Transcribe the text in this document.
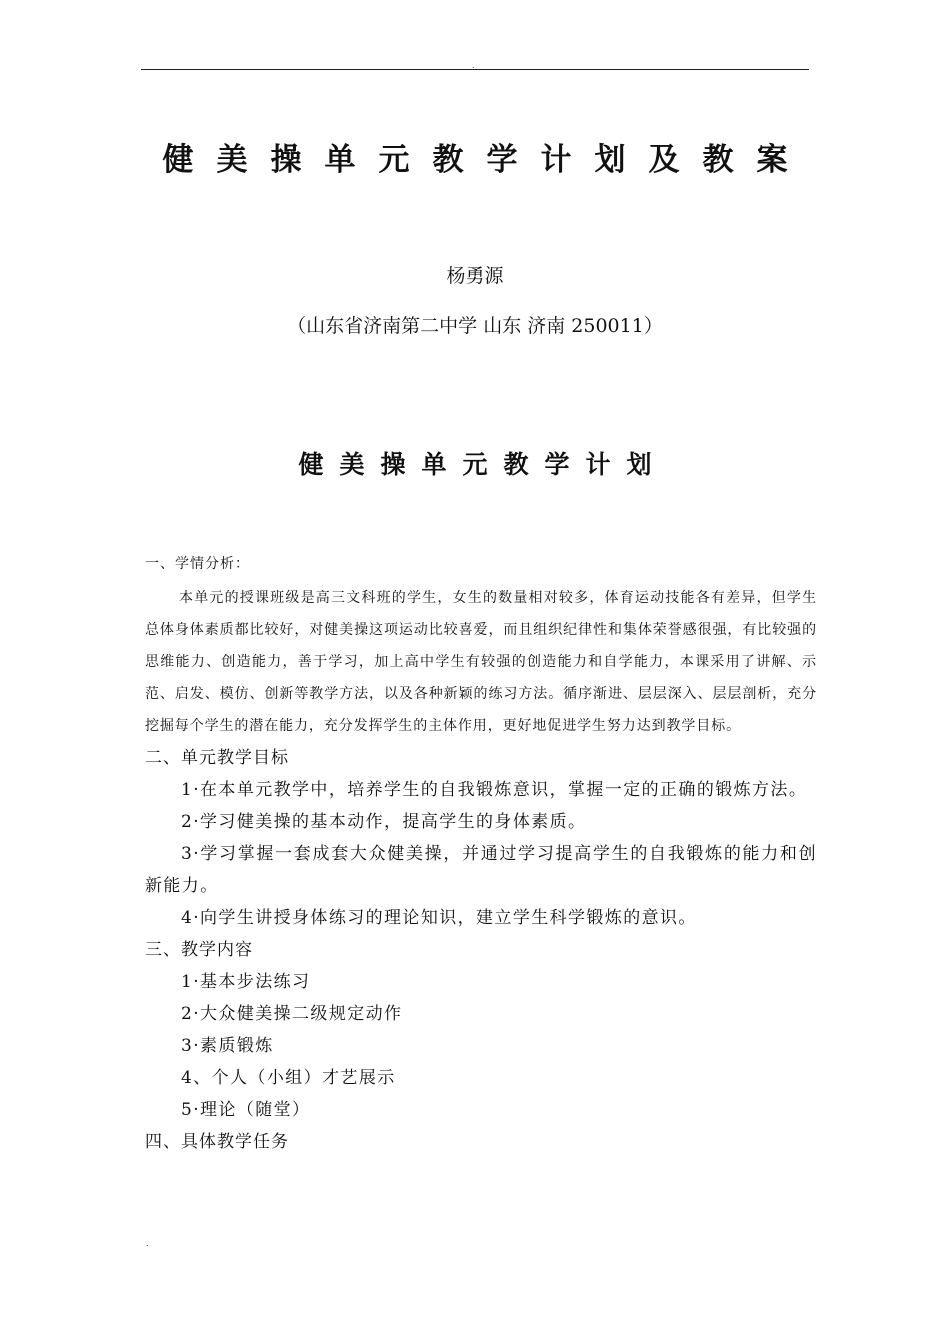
.
健美操单元教学计划及教案
杨勇源
（山东省济南第二中学 山东 济南 250011）
健美操单元教学计划
一、学情分析：
本单元的授课班级是高三文科班的学生，女生的数量相对较多，体育运动技能各有差异，但学生总体身体素质都比较好，对健美操这项运动比较喜爱，而且组织纪律性和集体荣誉感很强，有比较强的思维能力、创造能力，善于学习，加上高中学生有较强的创造能力和自学能力，本课采用了讲解、示范、启发、模仿、创新等教学方法，以及各种新颖的练习方法。循序渐进、层层深入、层层剖析，充分挖掘每个学生的潜在能力，充分发挥学生的主体作用，更好地促进学生努力达到教学目标。
二、单元教学目标
1·在本单元教学中，培养学生的自我锻炼意识，掌握一定的正确的锻炼方法。
2·学习健美操的基本动作，提高学生的身体素质。
3·学习掌握一套成套大众健美操，并通过学习提高学生的自我锻炼的能力和创新能力。
4·向学生讲授身体练习的理论知识，建立学生科学锻炼的意识。
三、教学内容
1·基本步法练习
2·大众健美操二级规定动作
3·素质锻炼
4、个人（小组）才艺展示
5·理论（随堂）
四、具体教学任务
.
